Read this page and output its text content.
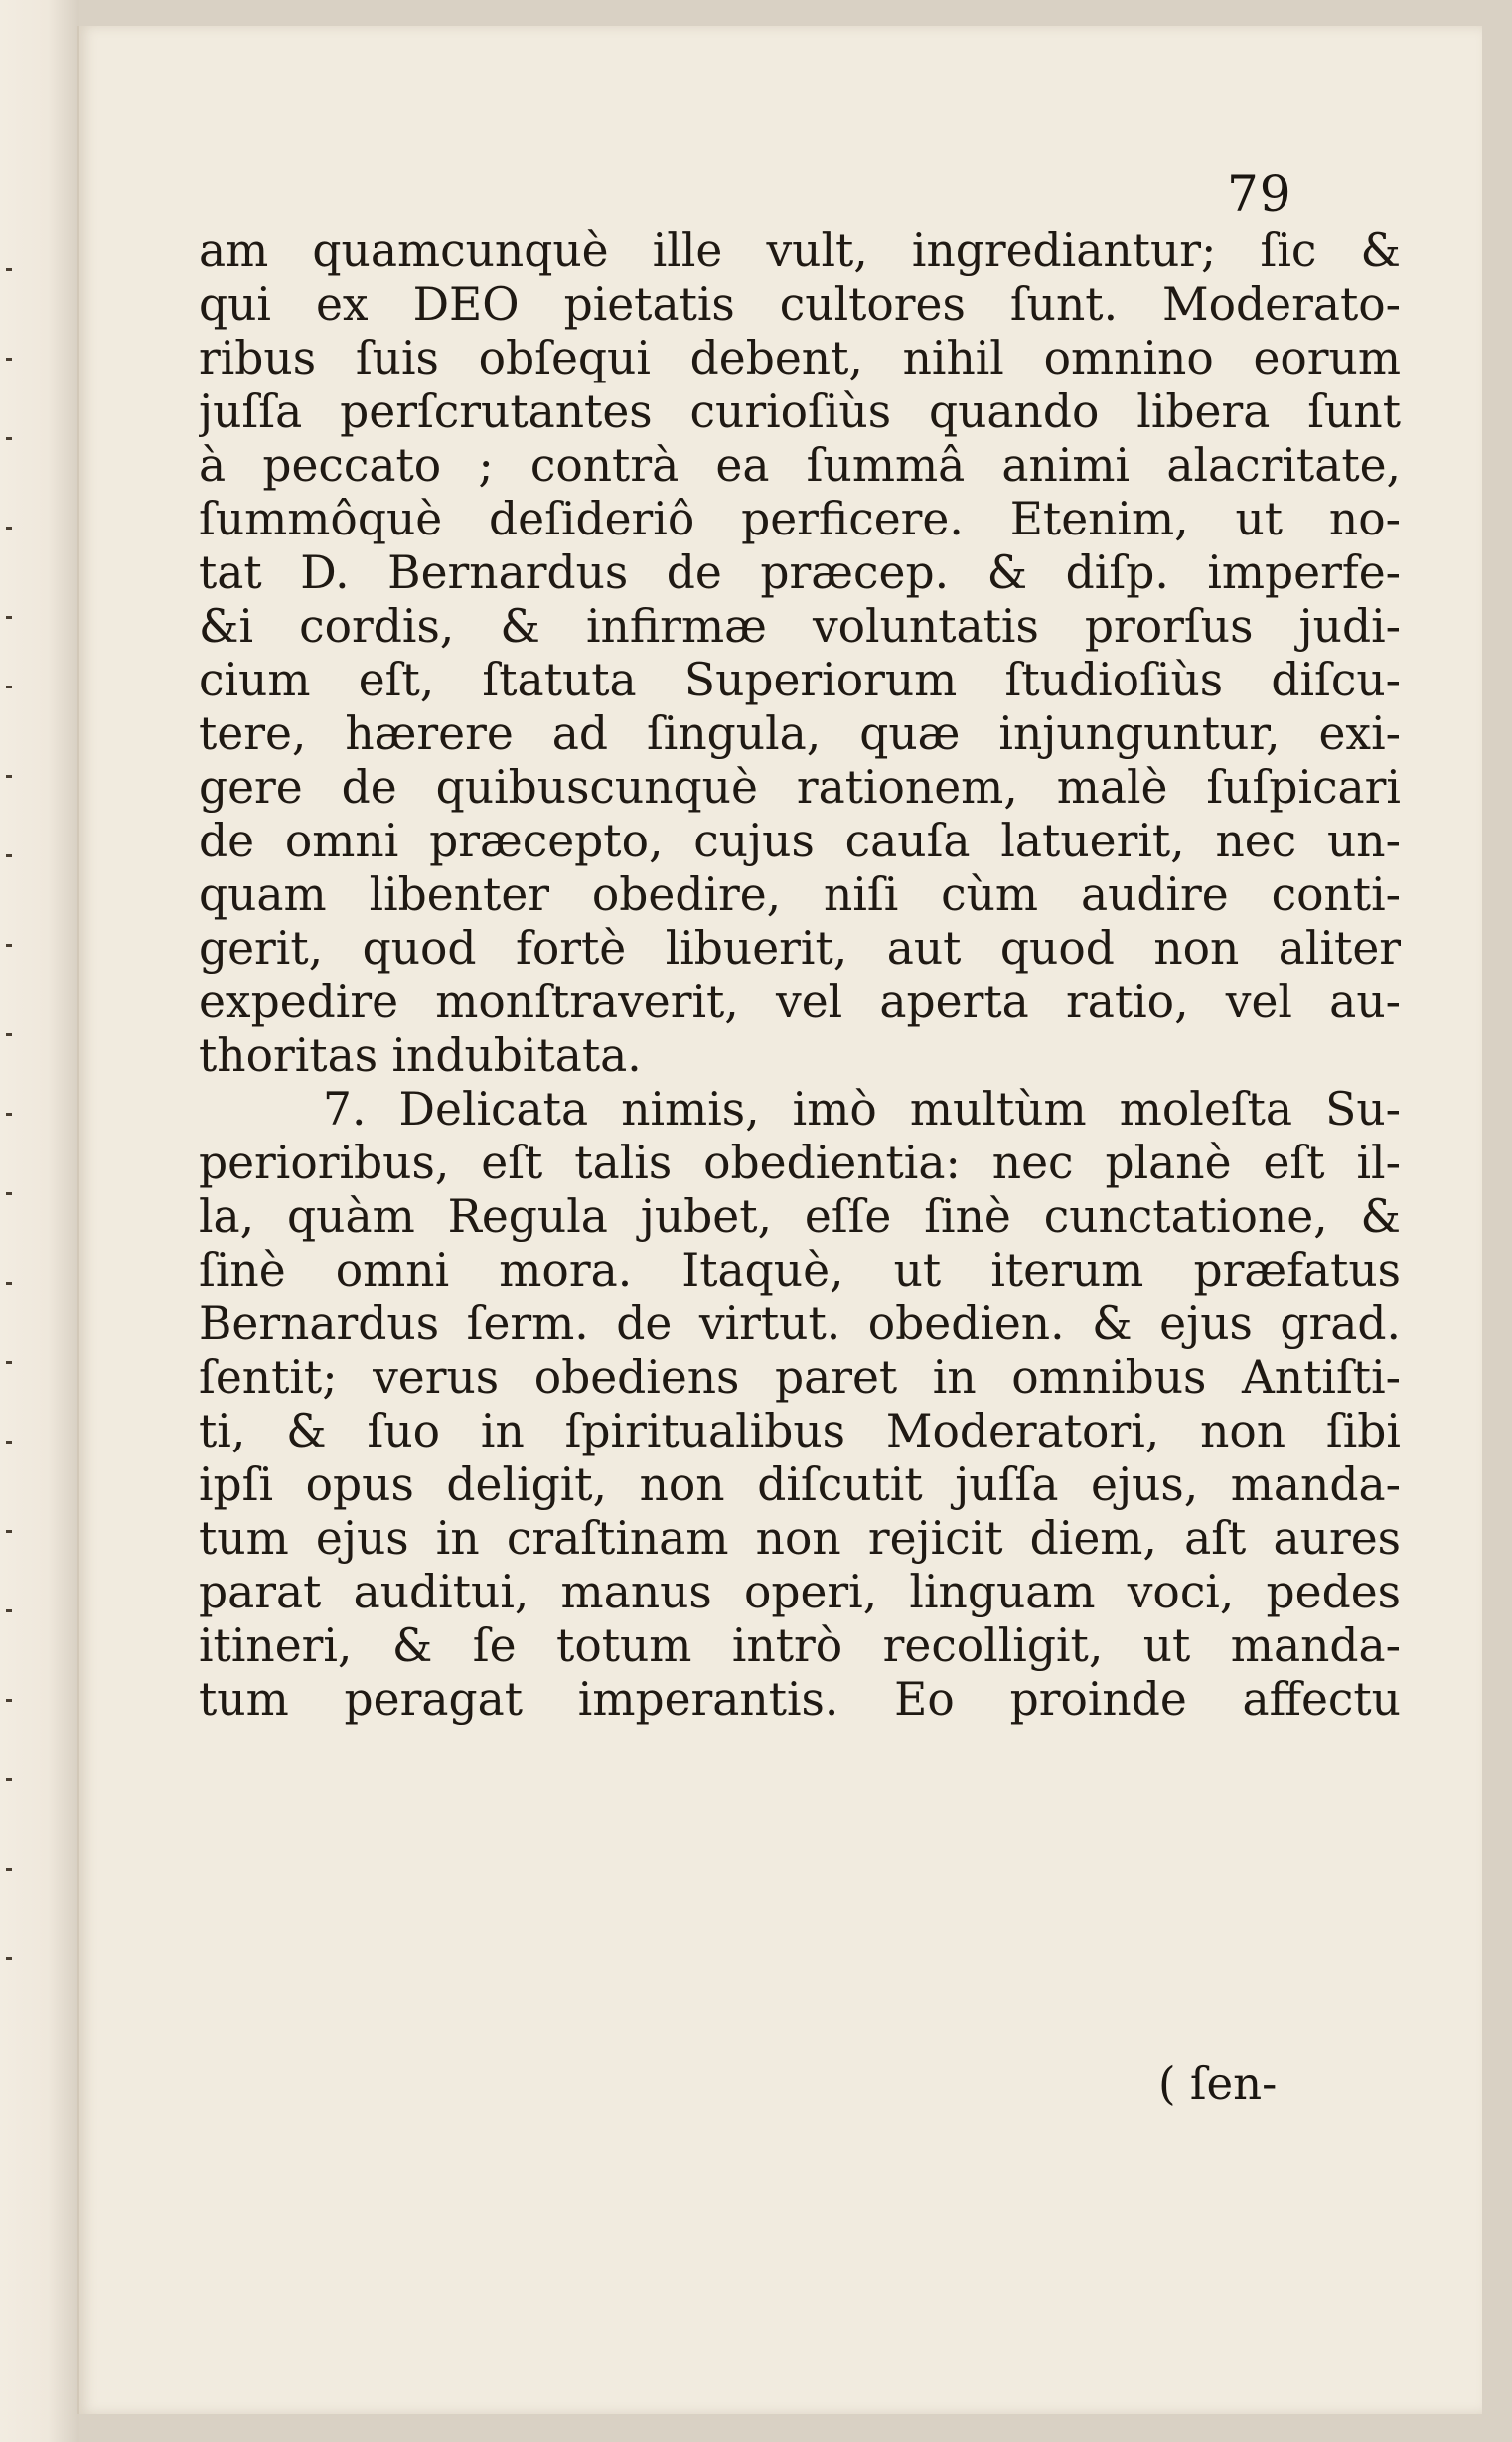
79
am quamcunquè ille vult, ingrediantur; ſic &
qui ex DEO pietatis cultores ſunt. Moderato-
ribus ſuis obſequi debent, nihil omnino eorum
juſſa perſcrutantes curioſiùs quando libera ſunt
à peccato ; contrà ea ſummâ animi alacritate,
ſummôquè deſideriô perficere. Etenim, ut no-
tat D. Bernardus de præcep. & diſp. imperfe-
&i cordis, & infirmæ voluntatis prorſus judi-
cium eſt, ſtatuta Superiorum ſtudioſiùs diſcu-
tere, hærere ad ſingula, quæ injunguntur, exi-
gere de quibuscunquè rationem, malè ſuſpicari
de omni præcepto, cujus cauſa latuerit, nec un-
quam libenter obedire, niſi cùm audire conti-
gerit, quod fortè libuerit, aut quod non aliter
expedire monſtraverit, vel aperta ratio, vel au-
thoritas indubitata.
7. Delicata nimis, imò multùm moleſta Su-
perioribus, eſt talis obedientia: nec planè eſt il-
la, quàm Regula jubet, eſſe ſinè cunctatione, &
ſinè omni mora. Itaquè, ut iterum præfatus
Bernardus ſerm. de virtut. obedien. & ejus grad.
ſentit; verus obediens paret in omnibus Antiſti-
ti, & ſuo in ſpiritualibus Moderatori, non ſibi
ipſi opus deligit, non diſcutit juſſa ejus, manda-
tum ejus in craſtinam non rejicit diem, aſt aures
parat auditui, manus operi, linguam voci, pedes
itineri, & ſe totum intrò recolligit, ut manda-
tum peragat imperantis. Eo proinde affectu
( ſen-
